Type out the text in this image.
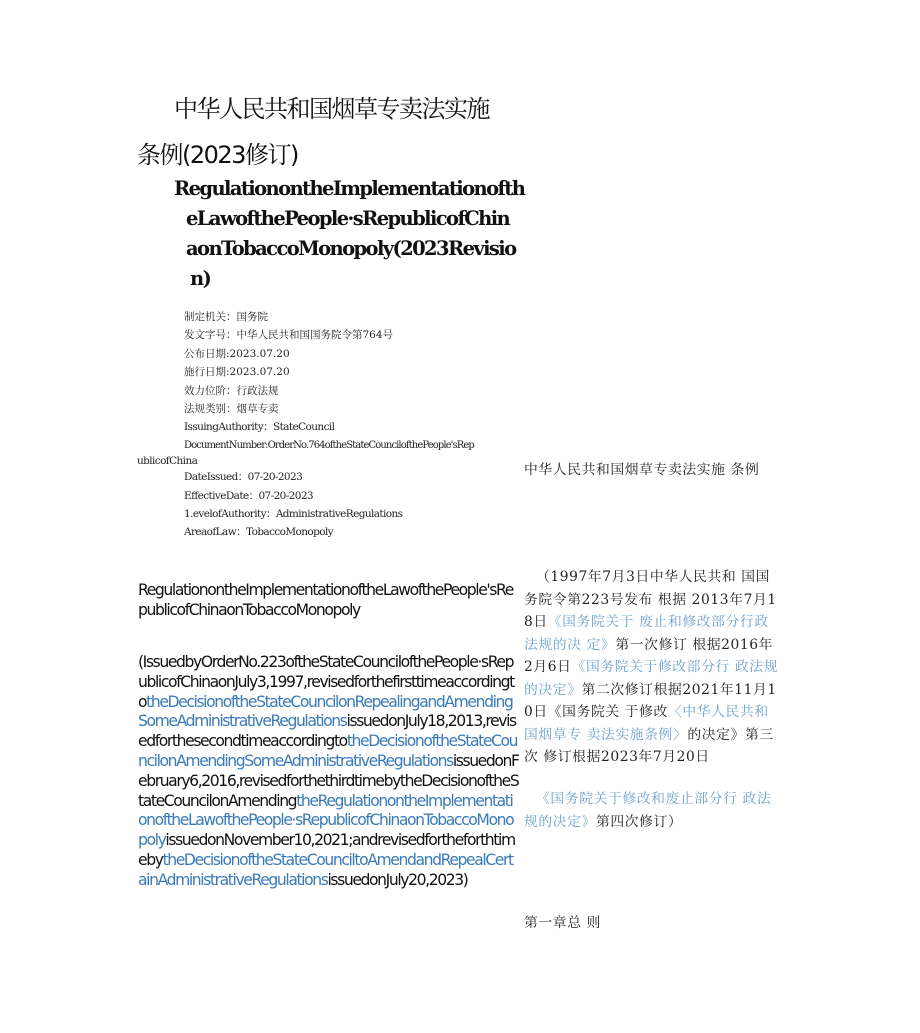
中华人民共和国烟草专卖法实施
条例(2023修订)
RegulationontheImplementationofth
eLawofthePeople·sRepublicofChin
aonTobaccoMonopoly(2023Revisio
n)
制定机关：国务院
发文字号：中华人民共和国国务院令第764号
公布日期:2023.07.20
施行日期:2023.07.20
效力位阶：行政法规
法规类别：烟草专卖
IssuingAuthority：StateCouncil
DocumentNumber:OrderNo.764oftheStateCounciloftheP​eople'sRep
ublicofChina
DateIssued：07-20-2023
EffectiveDate：07-20-2023
1.evelofAuthority：AdministrativeRegulations
AreaofLaw：TobaccoMonopoly
RegulationontheImplementationoftheLawofthePeople'sRepublicofChinaonTobaccoMonopoly
(IssuedbyOrderNo.223oftheStateCouncilofthePeople·sRepublicofChinaonJuly3,1997,revisedforthefirsttimeaccordingtotheDecisionoftheStateCouncilonRepealingandAmendingSomeAdministrativeRegulationsissuedonJuly18,2013,revisedforthesecondtimeaccordingtotheDecisionoftheStateCouncilonAmendingSomeAdministrativeRegulationsissuedonFebruary6,2016,revisedforthethirdtimebytheDecisionoftheStateCouncilonAmendingtheRegulationontheImplementationoftheLawofthePeople·sRepublicofChinaonTobaccoMonopolyissuedonNovember10,2021;andrevisedfortheforthtimebytheDecisionoftheStateCounciltoAmendandRepealCertainAdministrativeRegulationsissuedonJuly20,2023)
中华人民共和国烟草专卖法实施 条例
（1997年7月3日中华人民共和 国国务院令第223号发布 根据 2013年7月18日《国务院关于 废止和修改部分行政法规的决 定》第一次修订 根据2016年2月6日《国务院关于修改部分行 政法规的决定》第二次修订根据2021年11月10日《国务院关 于修改〈中华人民共和国烟草专 卖法实施条例〉的决定》第三次 修订根据2023年7月20日
《国务院关于修改和废止部分行 政法规的决定》第四次修订）
第一章总 则
